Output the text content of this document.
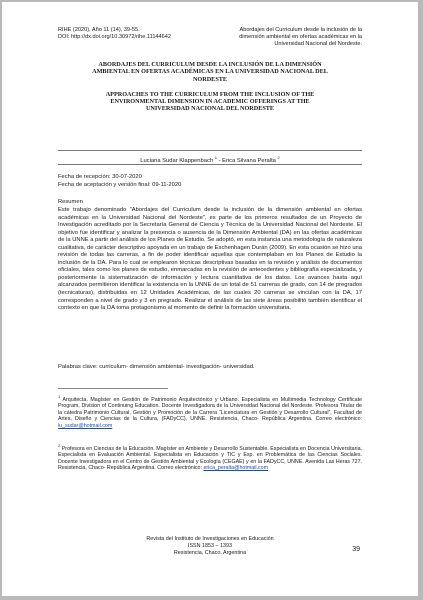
RIHE (2020), Año 11 (14), 39-55.
DOI: http://dx.doi.org/10.30972/rihe.11144642
Abordajes del Curriculum desde la inclusión de la
dimensión ambiental en ofertas académicas en la
Universidad Nacional del Nordeste.
ABORDAJES DEL CURRICULUM DESDE LA INCLUSIÓN DE LA DIMENSIÓN
AMBIENTAL EN OFERTAS ACADÉMICAS EN LA UNIVERSIDAD NACIONAL DEL
NORDESTE
APPROACHES TO THE CURRICULUM FROM THE INCLUSION OF THE
ENVIRONMENTAL DIMENSION IN ACADEMIC OFFERINGS AT THE
UNIVERSIDAD NACIONAL DEL NORDESTE
Luciana Sudar Klappenbach $^1$ - Erica Silvana Peralta $^2$
Fecha de recepción: 30-07-2020
Fecha de aceptación y versión final: 09-11-2020
Resumen

Este trabajo denominado “Abordajes del Curriculum desde la inclusión de la dimensión ambiental en ofertas académicas en la Universidad Nacional del Nordeste”, es parte de los primeros resultados de un Proyecto de Investigación acreditado por la Secretaría General de Ciencia y Técnica de la Universidad Nacional del Nordeste. El objetivo fue identificar y analizar la presencia o ausencia de la Dimensión Ambiental (DA) en las ofertas académicas de la UNNE a partir del análisis de los Planes de Estudio. Se adoptó, en esta instancia una metodología de naturaleza cualitativa, de carácter descriptivo apoyada en un trabajo de Eschenhagen Durán (2009). En esta ocasión se hizo una revisión de todas las carreras, a fin de poder identificar aquellas que contemplaban en los Planes de Estudio la inclusión de la DA. Para lo cual se emplearon técnicas descriptivas basadas en la revisión y análisis de documentos oficiales, tales como los planes de estudio, enmarcadas en la revisión de antecedentes y bibliografía especializada, y posteriormente la sistematización de información y lectura cuantitativa de los datos. Los avances hasta aquí alcanzados permitieron identificar la existencia en la UNNE de un total de 51 carreras de grado, con 14 de pregrados (tecnicaturas), distribuidas en 12 Unidades Académicas, de las cuales 20 carreras se vinculan con la DA, 17 corresponden a nivel de grado y 3 en pregrado. Realizar el análisis de las siete áreas posibilitó también identificar el contexto en que la DA toma protagonismo al momento de definir la formación universitaria.

Palabras clave: curriculum- dimensión ambiental- investigación- universidad.
$^1$ Arquitecta. Magíster en Gestión de Patrimonio Arquitectónico y Urbano. Especialista en Multimedia Technology Certificate Program, Division of Continuing Education. Docente Investigadora de la Universidad Nacional del Nordeste. Profesora Titular de la cátedra Patrimonio Cultural, Gestión y Promoción de la Carrera “Licenciatura en Gestión y Desarrollo Cultural”, Facultad de Artes, Diseño y Ciencias de la Cultura, (FADyCC), UNNE. Resistencia, Chaco- República Argentina. Correo electrónico: lu_sudar@hotmail.com
$^2$ Profesora en Ciencias de la Educación. Magíster en Ambiente y Desarrollo Sustentable. Especialista en Docencia Universitaria. Especialista en Evaluación Ambiental. Especialista en Educación y TIC y Esp. en Problemática de las Ciencias Sociales. Docente Investigadora en el Centro de Gestión Ambiental y Ecología (CEGAE) y en la FADyCC, UNNE. Avenida Las Heras 727. Resistencia, Chaco- República Argentina. Correo electrónico: erica_peralta@hotmail.com
Revista del Instituto de Investigaciones en Educación
ISSN 1853 – 1393
Resistencia, Chaco. Argentina	39
